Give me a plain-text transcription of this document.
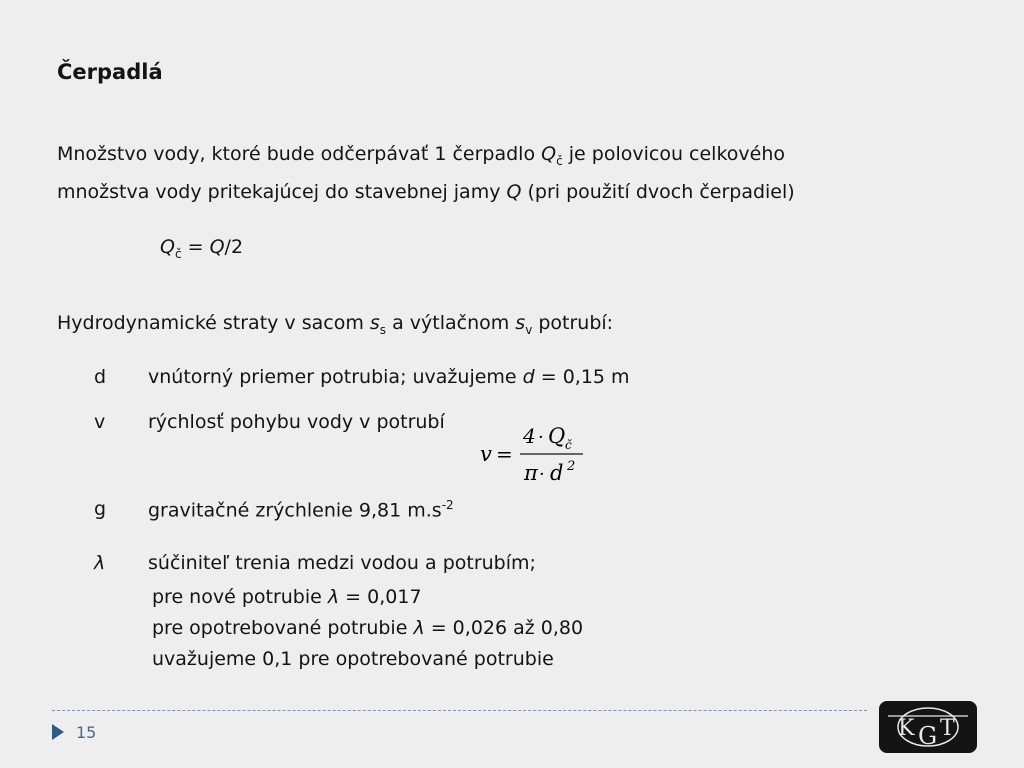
Čerpadlá
Množstvo vody, ktoré bude odčerpávať 1 čerpadlo $Q_č$ je polovicou celkového
množstva vody pritekajúcej do stavebnej jamy Q (pri použití dvoch čerpadiel)
$Q_č = Q/2$
Hydrodynamické straty v sacom $s_s$ a výtlačnom $s_v$ potrubí:
d	vnútorný priemer potrubia; uvažujeme d = 0,15 m
v	rýchlosť pohybu vody v potrubí
v =
4 · Q č
π · d 2
g	gravitačné zrýchlenie 9,81 $m.s^{-2}$
λ	súčiniteľ trenia medzi vodou a potrubím;
pre nové potrubie λ = 0,017
pre opotrebované potrubie λ = 0,026 až 0,80
uvažujeme 0,1 pre opotrebované potrubie
15	K G T
